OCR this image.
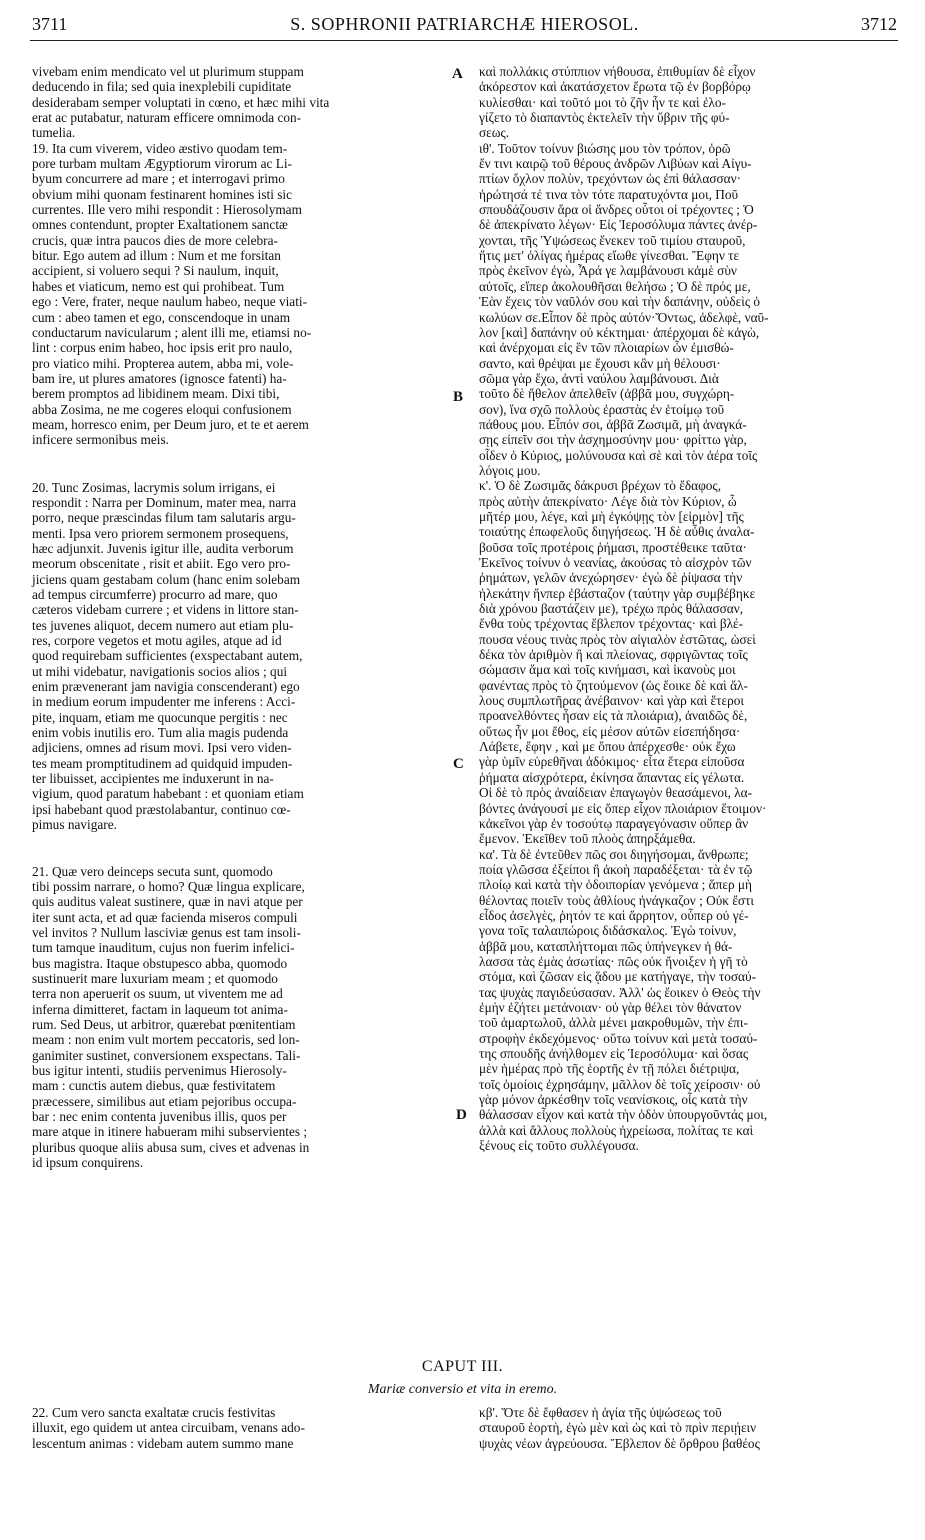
3711	S. SOPHRONII PATRIARCHÆ HIEROSOL.	3712

vivebam enim mendicato vel ut plurimum stuppam
deducendo in fila; sed quia inexplebili cupiditate
desiderabam semper voluptati in cœno, et hæc mihi vita
erat ac putabatur, naturam efficere omnimoda con-
tumelia.

19. Ita cum viverem, video æstivo quodam tem-
pore turbam multam Ægyptiorum virorum ac Li-
byum concurrere ad mare ; et interrogavi primo
obvium mihi quonam festinarent homines isti sic
currentes. Ille vero mihi respondit : Hierosolymam
omnes contendunt, propter Exaltationem sanctæ
crucis, quæ intra paucos dies de more celebra-
bitur. Ego autem ad illum : Num et me forsitan
accipient, si voluero sequi ? Si naulum, inquit,
habes et viaticum, nemo est qui prohibeat. Tum
ego : Vere, frater, neque naulum habeo, neque viati-
cum : abeo tamen et ego, conscendoque in unam
conductarum navicularum ; alent illi me, etiamsi no-
lint : corpus enim habeo, hoc ipsis erit pro naulo,
pro viatico mihi. Propterea autem, abba mi, vole-
bam ire, ut plures amatores (ignosce fatenti) ha-
berem promptos ad libidinem meam. Dixi tibi,
abba Zosima, ne me cogeres eloqui confusionem
meam, horresco enim, per Deum juro, et te et aerem
inficere sermonibus meis.

20. Tunc Zosimas, lacrymis solum irrigans, ei
respondit : Narra per Dominum, mater mea, narra
porro, neque præscindas filum tam salutaris argu-
menti. Ipsa vero priorem sermonem prosequens,
hæc adjunxit. Juvenis igitur ille, audita verborum
meorum obscenitate , risit et abiit. Ego vero pro-
jiciens quam gestabam colum (hanc enim solebam
ad tempus circumferre) procurro ad mare, quo
cæteros videbam currere ; et videns in littore stan-
tes juvenes aliquot, decem numero aut etiam plu-
res, corpore vegetos et motu agiles, atque ad id
quod requirebam sufficientes (exspectabant autem,
ut mihi videbatur, navigationis socios alios ; qui
enim prævenerant jam navigia conscenderant) ego
in medium eorum impudenter me inferens : Acci-
pite, inquam, etiam me quocunque pergitis : nec
enim vobis inutilis ero. Tum alia magis pudenda
adjiciens, omnes ad risum movi. Ipsi vero viden-
tes meam promptitudinem ad quidquid impuden-
ter libuisset, accipientes me induxerunt in na-
vigium, quod paratum habebant : et quoniam etiam
ipsi habebant quod præstolabantur, continuo cœ-
pimus navigare.

21. Quæ vero deinceps secuta sunt, quomodo
tibi possim narrare, o homo? Quæ lingua explicare,
quis auditus valeat sustinere, quæ in navi atque per
iter sunt acta, et ad quæ facienda miseros compuli
vel invitos ? Nullum lasciviæ genus est tam insoli-
tum tamque inauditum, cujus non fuerim infelici-
bus magistra. Itaque obstupesco abba, quomodo
sustinuerit mare luxuriam meam ; et quomodo
terra non aperuerit os suum, ut viventem me ad
inferna dimitteret, factam in laqueum tot anima-
rum. Sed Deus, ut arbitror, quærebat pœnitentiam
meam : non enim vult mortem peccatoris, sed lon-
ganimiter sustinet, conversionem exspectans. Tali-
bus igitur intenti, studiis pervenimus Hierosoly-
mam : cunctis autem diebus, quæ festivitatem
præcessere, similibus aut etiam pejoribus occupa-
bar : nec enim contenta juvenibus illis, quos per
mare atque in itinere habueram mihi subservientes ;
pluribus quoque aliis abusa sum, cives et advenas in
id ipsum conquirens.

καὶ πολλάκις στύππιον νήθουσα, ἐπιθυμίαν δὲ εἶχον
ἀκόρεστον καὶ ἀκατάσχετον ἔρωτα τῷ ἐν βορβόρῳ
κυλίεσθαι· καὶ τοῦτό μοι τὸ ζῆν ἦν τε καὶ ἐλο-
γίζετο τὸ διαπαντὸς ἐκτελεῖν τὴν ὕβριν τῆς φύ-
σεως.

ιθ'. Τοῦτον τοίνυν βιώσης μου τὸν τρόπον, ὁρῶ
ἔν τινι καιρῷ τοῦ θέρους ἀνδρῶν Λιβύων καὶ Αἰγυ-
πτίων ὄχλον πολὺν, τρεχόντων ὡς ἐπὶ θάλασσαν·
ἠρώτησά τέ τινα τὸν τότε παρατυχόντα μοι, Ποῦ
σπουδάζουσιν ἄρα οἱ ἄνδρες οὗτοι οἱ τρέχοντες ; Ὁ
δὲ ἀπεκρίνατο λέγων· Εἰς Ἱεροσόλυμα πάντες ἀνέρ-
χονται, τῆς Ὑψώσεως ἕνεκεν τοῦ τιμίου σταυροῦ,
ἥτις μετ' ὀλίγας ἡμέρας εἴωθε γίνεσθαι. Ἔφην τε
πρὸς ἐκεῖνον ἐγὼ, Ἆρά γε λαμβάνουσι κἀμὲ σὺν
αὐτοῖς, εἴπερ ἀκολουθῆσαι θελήσω ; Ὁ δὲ πρός με,
Ἐὰν ἔχεις τὸν ναῦλόν σου καὶ τὴν δαπάνην, οὐδεὶς ὁ
κωλύων σε.Εἶπον δὲ πρὸς αὐτόν·Ὄντως, ἀδελφὲ, ναῦ-
λον [καὶ] δαπάνην οὐ κέκτημαι· ἀπέρχομαι δὲ κἀγὼ,
καὶ ἀνέρχομαι εἰς ἓν τῶν πλοιαρίων ὧν ἐμισθώ-
σαντο, καὶ θρέψαι με ἔχουσι κἂν μὴ θέλουσι·
σῶμα γὰρ ἔχω, ἀντὶ ναύλου λαμβάνουσι. Διὰ
τοῦτο δὲ ἤθελον ἀπελθεῖν (ἀββᾶ μου, συγχώρη-
σον), ἵνα σχῶ πολλοὺς ἐραστὰς ἐν ἑτοίμῳ τοῦ
πάθους μου. Εἶπόν σοι, ἀββᾶ Ζωσιμᾶ, μὴ ἀναγκά-
σῃς εἰπεῖν σοι τὴν ἀσχημοσύνην μου· φρίττω γὰρ,
οἶδεν ὁ Κύριος, μολύνουσα καὶ σὲ καὶ τὸν ἀέρα τοῖς
λόγοις μου.

κ'. Ὁ δὲ Ζωσιμᾶς δάκρυσι βρέχων τὸ ἔδαφος,
πρὸς αὐτὴν ἀπεκρίνατο· Λέγε διὰ τὸν Κύριον, ὦ
μῆτέρ μου, λέγε, καὶ μὴ ἐγκόψῃς τὸν [εἱρμὸν] τῆς
τοιαύτης ἐπωφελοῦς διηγήσεως. Ἡ δὲ αὖθις ἀναλα-
βοῦσα τοῖς προτέροις ῥήμασι, προστέθεικε ταῦτα·
Ἐκεῖνος τοίνυν ὁ νεανίας, ἀκούσας τὸ αἰσχρὸν τῶν
ῥημάτων, γελῶν ἀνεχώρησεν· ἐγὼ δὲ ῥίψασα τὴν
ἠλεκάτην ἥνπερ ἐβάσταζον (ταύτην γὰρ συμβέβηκε
διὰ χρόνου βαστάζειν με), τρέχω πρὸς θάλασσαν,
ἔνθα τοὺς τρέχοντας ἔβλεπον τρέχοντας· καὶ βλέ-
πουσα νέους τινὰς πρὸς τὸν αἰγιαλὸν ἑστῶτας, ὡσεὶ
δέκα τὸν ἀριθμὸν ἢ καὶ πλείονας, σφριγῶντας τοῖς
σώμασιν ἅμα καὶ τοῖς κινήμασι, καὶ ἱκανοὺς μοι
φανέντας πρὸς τὸ ζητούμενον (ὡς ἔοικε δὲ καὶ ἄλ-
λους συμπλωτῆρας ἀνέβαινον· καὶ γὰρ καὶ ἕτεροι
προανελθόντες ἦσαν εἰς τὰ πλοιάρια), ἀναιδῶς δὲ,
οὕτως ἦν μοι ἔθος, εἰς μέσον αὐτῶν εἰσεπήδησα·
Λάβετε, ἔφην , καὶ με ὅπου ἀπέρχεσθε· οὐκ ἔχω
γὰρ ὑμῖν εὑρεθῆναι ἀδόκιμος· εἶτα ἕτερα εἰποῦσα
ῥήματα αἰσχρότερα, ἐκίνησα ἅπαντας εἰς γέλωτα.
Οἱ δὲ τὸ πρὸς ἀναίδειαν ἐπαγωγὸν θεασάμενοι, λα-
βόντες ἀνάγουσί με εἰς ὅπερ εἶχον πλοιάριον ἕτοιμον·
κἀκεῖνοι γὰρ ἐν τοσούτῳ παραγεγόνασιν οὕπερ ἂν
ἔμενον. Ἐκεῖθεν τοῦ πλοὸς ἀπηρξάμεθα.

κα'. Τὰ δὲ ἐντεῦθεν πῶς σοι διηγήσομαι, ἄνθρωπε;
ποία γλῶσσα ἐξείποι ἢ ἀκοὴ παραδέξεται· τὰ ἐν τῷ
πλοίῳ καὶ κατὰ τὴν ὁδοιπορίαν γενόμενα ; ἅπερ μὴ
θέλοντας ποιεῖν τοὺς ἀθλίους ἠνάγκαζον ; Οὐκ ἔστι
εἶδος ἀσελγὲς, ῥητόν τε καὶ ἄρρητον, οὗπερ οὐ γέ-
γονα τοῖς ταλαιπώροις διδάσκαλος. Ἐγὼ τοίνυν,
ἀββᾶ μου, καταπλήττομαι πῶς ὑπήνεγκεν ἡ θά-
λασσα τὰς ἐμὰς ἀσωτίας· πῶς οὐκ ἤνοιξεν ἡ γῆ τὸ
στόμα, καὶ ζῶσαν εἰς ᾅδου με κατήγαγε, τὴν τοσαύ-
τας ψυχὰς παγιδεύσασαν. Ἀλλ' ὡς ἔοικεν ὁ Θεὸς τὴν
ἐμὴν ἐζήτει μετάνοιαν· οὐ γὰρ θέλει τὸν θάνατον
τοῦ ἁμαρτωλοῦ, ἀλλὰ μένει μακροθυμῶν, τὴν ἐπι-
στροφὴν ἐκδεχόμενος· οὕτω τοίνυν καὶ μετὰ τοσαύ-
της σπουδῆς ἀνήλθομεν εἰς Ἱεροσόλυμα· καὶ ὅσας
μὲν ἡμέρας πρὸ τῆς ἑορτῆς ἐν τῇ πόλει διέτριψα,
τοῖς ὁμοίοις ἐχρησάμην, μᾶλλον δὲ τοῖς χείροσιν· οὐ
γὰρ μόνον ἀρκέσθην τοῖς νεανίσκοις, οἷς κατὰ τὴν
θάλασσαν εἶχον καὶ κατὰ τὴν ὁδὸν ὑπουργοῦντάς μοι,
ἀλλὰ καὶ ἄλλους πολλοὺς ἠχρείωσα, πολίτας τε καὶ
ξένους εἰς τοῦτο συλλέγουσα.

A
B
C
D
CAPUT III.
Mariæ conversio et vita in eremo.

22. Cum vero sancta exaltatæ crucis festivitas
illuxit, ego quidem ut antea circuibam, venans ado-
lescentum animas : videbam autem summo mane

κβ'. Ὅτε δὲ ἔφθασεν ἡ ἁγία τῆς ὑψώσεως τοῦ
σταυροῦ ἑορτὴ, ἐγὼ μὲν καὶ ὡς καὶ τὸ πρὶν περιῄειν
ψυχὰς νέων ἀγρεύουσα. Ἔβλεπον δὲ ὄρθρου βαθέος
